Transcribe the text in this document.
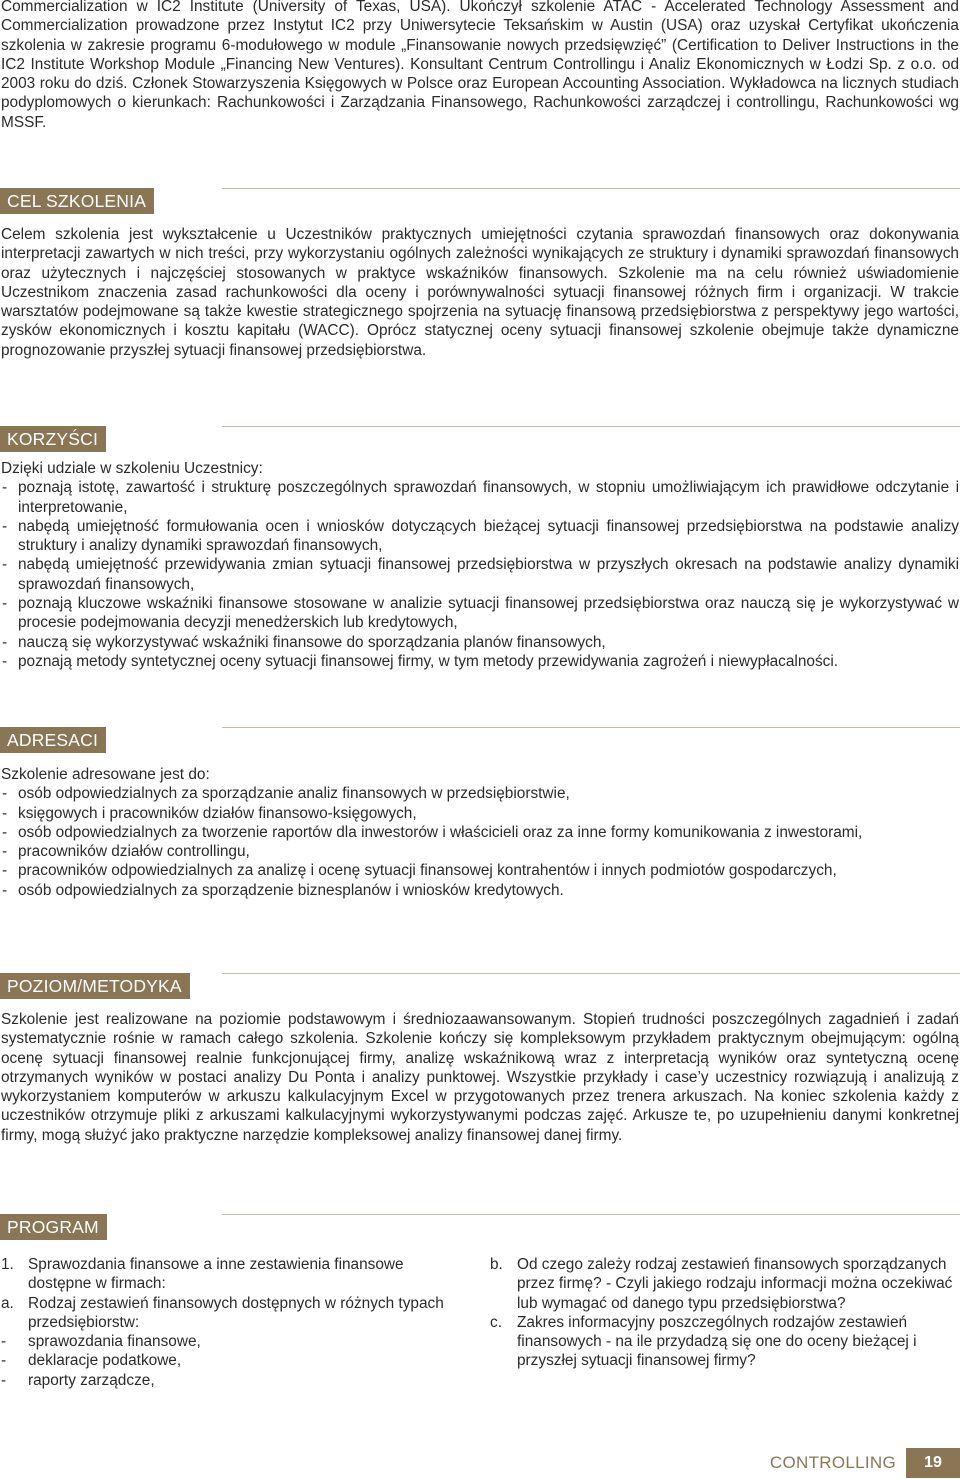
Commercialization w IC2 Institute (University of Texas, USA). Ukończył szkolenie ATAC - Accelerated Technology Assessment and Commercialization prowadzone przez Instytut IC2 przy Uniwersytecie Teksańskim w Austin (USA) oraz uzyskał Certyfikat ukończenia szkolenia w zakresie programu 6-modułowego w module „Finansowanie nowych przedsięwzięć” (Certification to Deliver Instructions in the IC2 Institute Workshop Module „Financing New Ventures). Konsultant Centrum Controllingu i Analiz Ekonomicznych w Łodzi Sp. z o.o. od 2003 roku do dziś. Członek Stowarzyszenia Księgowych w Polsce oraz European Accounting Association. Wykładowca na licznych studiach podyplomowych o kierunkach: Rachunkowości i Zarządzania Finansowego, Rachunkowości zarządczej i controllingu, Rachunkowości wg MSSF.

CEL SZKOLENIA

Celem szkolenia jest wykształcenie u Uczestników praktycznych umiejętności czytania sprawozdań finansowych oraz dokonywania interpretacji zawartych w nich treści, przy wykorzystaniu ogólnych zależności wynikających ze struktury i dynamiki sprawozdań finansowych oraz użytecznych i najczęściej stosowanych w praktyce wskaźników finansowych. Szkolenie ma na celu również uświadomienie Uczestnikom znaczenia zasad rachunkowości dla oceny i porównywalności sytuacji finansowej różnych firm i organizacji. W trakcie warsztatów podejmowane są także kwestie strategicznego spojrzenia na sytuację finansową przedsiębiorstwa z perspektywy jego wartości, zysków ekonomicznych i kosztu kapitału (WACC). Oprócz statycznej oceny sytuacji finansowej szkolenie obejmuje także dynamiczne prognozowanie przyszłej sytuacji finansowej przedsiębiorstwa.

KORZYŚCI

Dzięki udziale w szkoleniu Uczestnicy:

- poznają istotę, zawartość i strukturę poszczególnych sprawozdań finansowych, w stopniu umożliwiającym ich prawidłowe odczytanie i interpretowanie,
- nabędą umiejętność formułowania ocen i wniosków dotyczących bieżącej sytuacji finansowej przedsiębiorstwa na podstawie analizy struktury i analizy dynamiki sprawozdań finansowych,
- nabędą umiejętność przewidywania zmian sytuacji finansowej przedsiębiorstwa w przyszłych okresach na podstawie analizy dynamiki sprawozdań finansowych,
- poznają kluczowe wskaźniki finansowe stosowane w analizie sytuacji finansowej przedsiębiorstwa oraz nauczą się je wykorzystywać w procesie podejmowania decyzji menedżerskich lub kredytowych,
- nauczą się wykorzystywać wskaźniki finansowe do sporządzania planów finansowych,
- poznają metody syntetycznej oceny sytuacji finansowej firmy, w tym metody przewidywania zagrożeń i niewypłacalności.
ADRESACI

Szkolenie adresowane jest do:

- osób odpowiedzialnych za sporządzanie analiz finansowych w przedsiębiorstwie,
- księgowych i pracowników działów finansowo-księgowych,
- osób odpowiedzialnych za tworzenie raportów dla inwestorów i właścicieli oraz za inne formy komunikowania z inwestorami,
- pracowników działów controllingu,
- pracowników odpowiedzialnych za analizę i ocenę sytuacji finansowej kontrahentów i innych podmiotów gospodarczych,
- osób odpowiedzialnych za sporządzenie biznesplanów i wniosków kredytowych.
POZIOM/METODYKA

Szkolenie jest realizowane na poziomie podstawowym i średniozaawansowanym. Stopień trudności poszczególnych zagadnień i zadań systematycznie rośnie w ramach całego szkolenia. Szkolenie kończy się kompleksowym przykładem praktycznym obejmującym: ogólną ocenę sytuacji finansowej realnie funkcjonującej firmy, analizę wskaźnikową wraz z interpretacją wyników oraz syntetyczną ocenę otrzymanych wyników w postaci analizy Du Ponta i analizy punktowej. Wszystkie przykłady i case’y uczestnicy rozwiązują i analizują z wykorzystaniem komputerów w arkuszu kalkulacyjnym Excel w przygotowanych przez trenera arkuszach. Na koniec szkolenia każdy z uczestników otrzymuje pliki z arkuszami kalkulacyjnymi wykorzystywanymi podczas zajęć. Arkusze te, po uzupełnieniu danymi konkretnej firmy, mogą służyć jako praktyczne narzędzie kompleksowej analizy finansowej danej firmy.

PROGRAM
1. Sprawozdania finansowe a inne zestawienia finansowe dostępne w firmach:
a. Rodzaj zestawień finansowych dostępnych w różnych typach przedsiębiorstw:
- sprawozdania finansowe,
- deklaracje podatkowe,
- raporty zarządcze,
b. Od czego zależy rodzaj zestawień finansowych sporządzanych przez firmę? - Czyli jakiego rodzaju informacji można oczekiwać lub wymagać od danego typu przedsiębiorstwa?
c. Zakres informacyjny poszczególnych rodzajów zestawień finansowych - na ile przydadzą się one do oceny bieżącej i przyszłej sytuacji finansowej firmy?
CONTROLLING	19
